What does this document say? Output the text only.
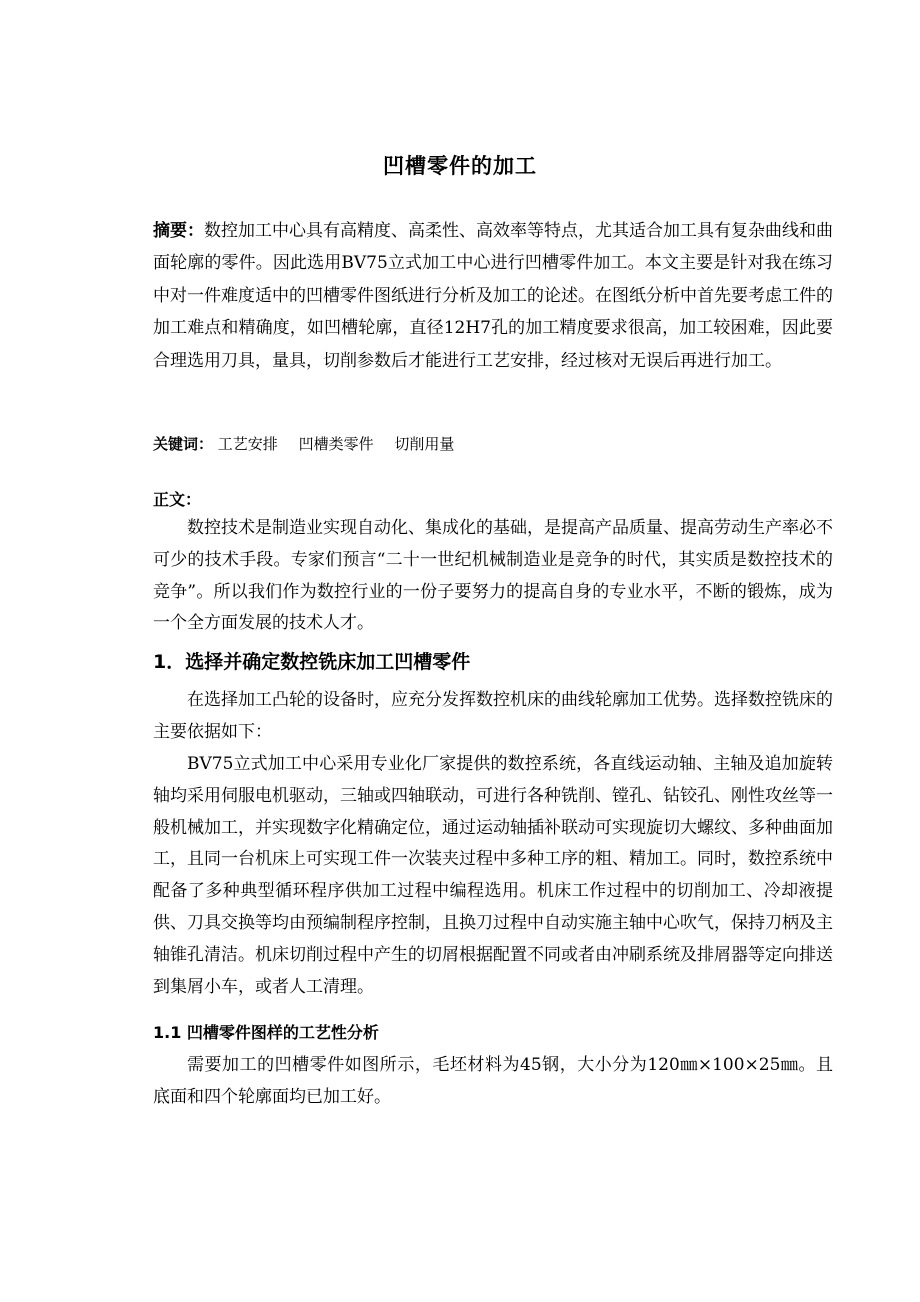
凹槽零件的加工
摘要：数控加工中心具有高精度、高柔性、高效率等特点，尤其适合加工具有复杂曲线和曲面轮廓的零件。因此选用BV75立式加工中心进行凹槽零件加工。本文主要是针对我在练习中对一件难度适中的凹槽零件图纸进行分析及加工的论述。在图纸分析中首先要考虑工件的加工难点和精确度，如凹槽轮廓，直径12H7孔的加工精度要求很高，加工较困难，因此要合理选用刀具，量具，切削参数后才能进行工艺安排，经过核对无误后再进行加工。
关键词： 工艺安排 凹槽类零件 切削用量
正文：

数控技术是制造业实现自动化、集成化的基础，是提高产品质量、提高劳动生产率必不可少的技术手段。专家们预言“二十一世纪机械制造业是竞争的时代，其实质是数控技术的竞争”。所以我们作为数控行业的一份子要努力的提高自身的专业水平，不断的锻炼，成为一个全方面发展的技术人才。

1．选择并确定数控铣床加工凹槽零件

在选择加工凸轮的设备时，应充分发挥数控机床的曲线轮廓加工优势。选择数控铣床的主要依据如下：

BV75立式加工中心采用专业化厂家提供的数控系统，各直线运动轴、主轴及追加旋转轴均采用伺服电机驱动，三轴或四轴联动，可进行各种铣削、镗孔、钻铰孔、刚性攻丝等一般机械加工，并实现数字化精确定位，通过运动轴插补联动可实现旋切大螺纹、多种曲面加工，且同一台机床上可实现工件一次装夹过程中多种工序的粗、精加工。同时，数控系统中配备了多种典型循环程序供加工过程中编程选用。机床工作过程中的切削加工、冷却液提供、刀具交换等均由预编制程序控制，且换刀过程中自动实施主轴中心吹气，保持刀柄及主轴锥孔清洁。机床切削过程中产生的切屑根据配置不同或者由冲刷系统及排屑器等定向排送到集屑小车，或者人工清理。

1.1 凹槽零件图样的工艺性分析

需要加工的凹槽零件如图所示，毛坯材料为45钢，大小分为120㎜×100×25㎜。且底面和四个轮廓面均已加工好。
